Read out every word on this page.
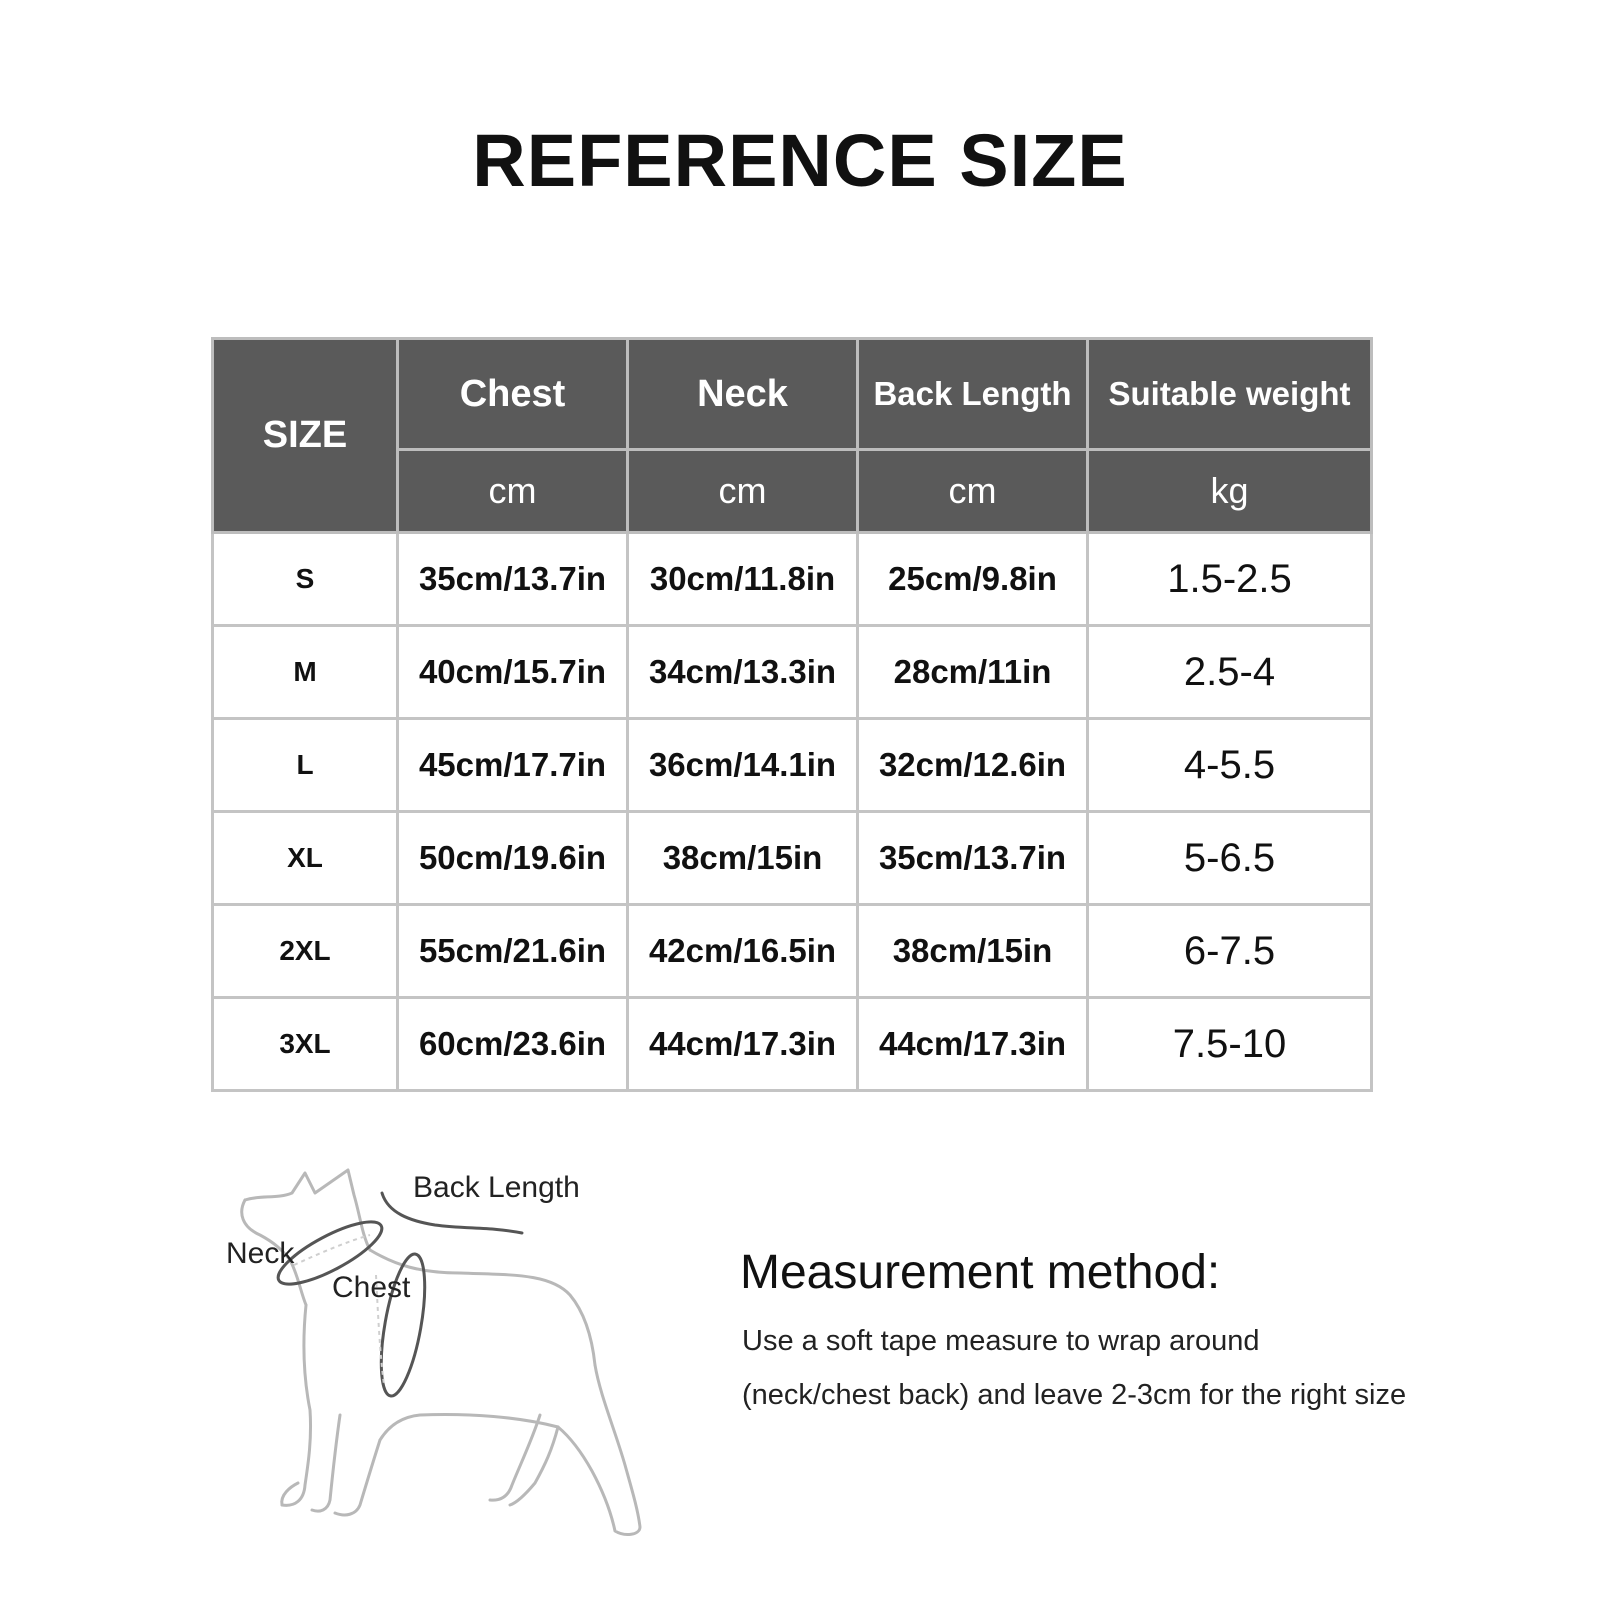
REFERENCE SIZE
SIZE	Chest	Neck	Back Length	Suitable weight
	cm	cm	cm	kg
S	35cm/13.7in	30cm/11.8in	25cm/9.8in	1.5-2.5
M	40cm/15.7in	34cm/13.3in	28cm/11in	2.5-4
L	45cm/17.7in	36cm/14.1in	32cm/12.6in	4-5.5
XL	50cm/19.6in	38cm/15in	35cm/13.7in	5-6.5
2XL	55cm/21.6in	42cm/16.5in	38cm/15in	6-7.5
3XL	60cm/23.6in	44cm/17.3in	44cm/17.3in	7.5-10
Back Length
Neck
Chest	Measurement method:
Use a soft tape measure to wrap around
(neck/chest back) and leave 2-3cm for the right size
